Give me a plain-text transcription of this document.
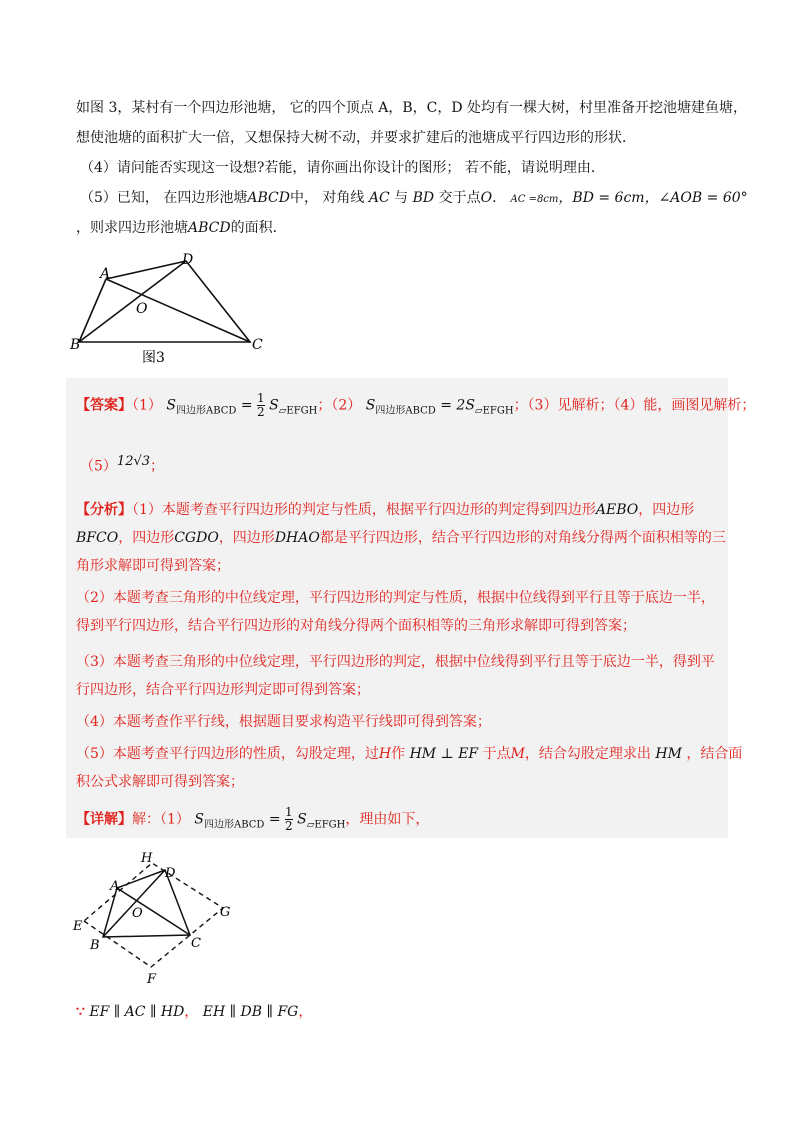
如图 3，某村有一个四边形池塘， 它的四个顶点 A，B，C，D 处均有一棵大树，村里准备开挖池塘建鱼塘，
想使池塘的面积扩大一倍，又想保持大树不动，并要求扩建后的池塘成平行四边形的形状．
（4）请问能否实现这一设想?若能，请你画出你设计的图形； 若不能，请说明理由．
（5）已知， 在四边形池塘ABCD中， 对角线 AC 与 BD 交于点O． AC =8cm，BD = 6cm，∠AOB = 60°
，则求四边形池塘ABCD的面积．
A
D
O
B	C
图3
【答案】（1） $S_{四边形ABCD} = \frac{1}{2} S_{▱EFGH}$；（2） $S_{四边形ABCD} = 2S_{▱EFGH}$；（3）见解析；（4）能，画图见解析；
$(5)^{12√3}$；
【分析】（1）本题考查平行四边形的判定与性质，根据平行四边形的判定得到四边形AEBO，四边形
BFCO，四边形CGDO，四边形DHAO都是平行四边形，结合平行四边形的对角线分得两个面积相等的三
角形求解即可得到答案；
（2）本题考查三角形的中位线定理，平行四边形的判定与性质，根据中位线得到平行且等于底边一半，
得到平行四边形，结合平行四边形的对角线分得两个面积相等的三角形求解即可得到答案；
（3）本题考查三角形的中位线定理，平行四边形的判定，根据中位线得到平行且等于底边一半，得到平
行四边形，结合平行四边形判定即可得到答案；
（4）本题考查作平行线，根据题目要求构造平行线即可得到答案；
（5）本题考查平行四边形的性质，勾股定理，过H作 HM ⊥ EF 于点M，结合勾股定理求出 HM ，结合面
积公式求解即可得到答案；
【详解】解：（1） $S_{四边形ABCD} = \frac{1}{2} S_{▱EFGH}$，理由如下，
H
D
A
O
E
B	C
G
F
∵ EF ∥ AC ∥ HD， EH ∥ DB ∥ FG，
